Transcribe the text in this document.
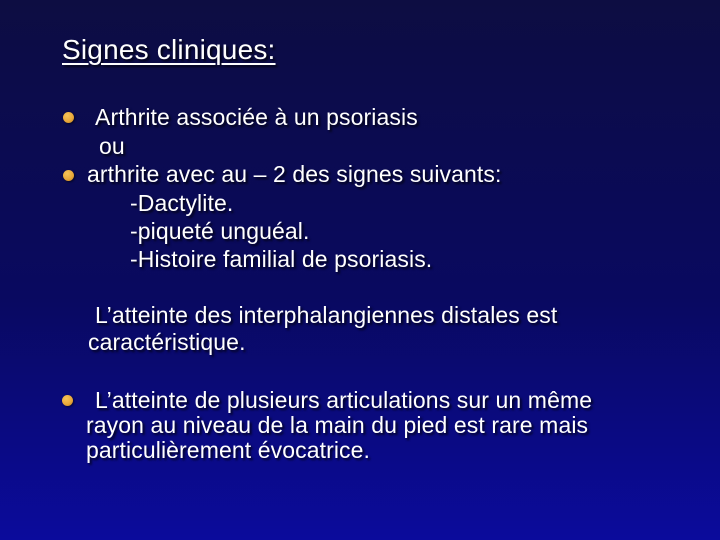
Signes cliniques:
Arthrite associée à un psoriasis
ou
arthrite avec au – 2 des signes suivants:
-Dactylite.
-piqueté unguéal.
-Histoire familial de psoriasis.
L’atteinte des interphalangiennes distales est
caractéristique.
L’atteinte de plusieurs articulations sur un même
rayon au niveau de la main du pied est rare mais
particulièrement évocatrice.
